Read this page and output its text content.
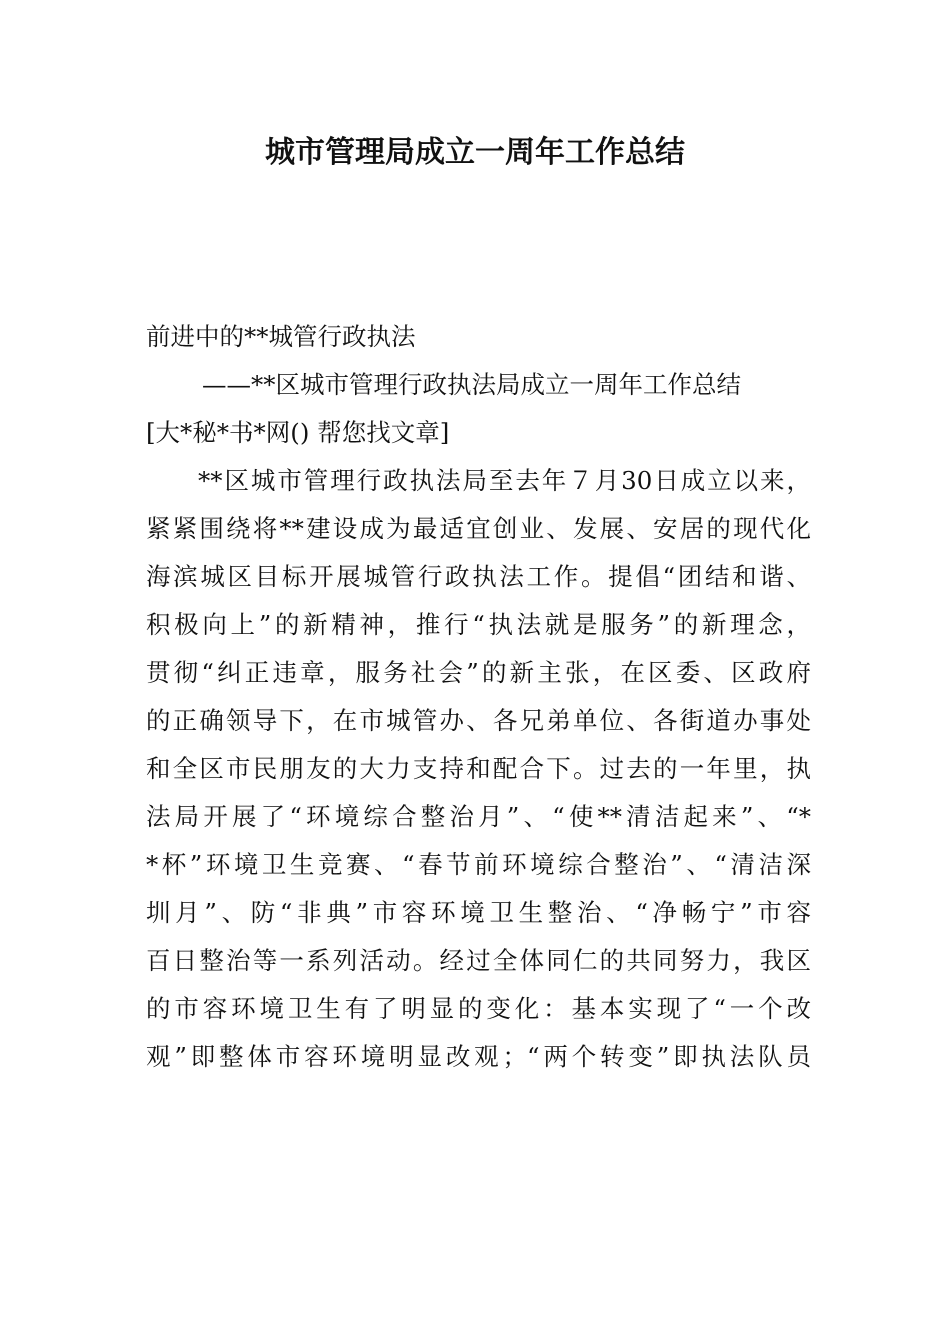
城市管理局成立一周年工作总结
前进中的**城管行政执法
——**区城市管理行政执法局成立一周年工作总结
[大*秘*书*网() 帮您找文章]
**区城市管理行政执法局至去年７月30日成立以来，
紧紧围绕将**建设成为最适宜创业、发展、安居的现代化
海滨城区目标开展城管行政执法工作。提倡“团结和谐、
积极向上”的新精神，推行“执法就是服务”的新理念，
贯彻“纠正违章，服务社会”的新主张，在区委、区政府
的正确领导下，在市城管办、各兄弟单位、各街道办事处
和全区市民朋友的大力支持和配合下。过去的一年里，执
法局开展了“环境综合整治月”、“使**清洁起来”、“*
*杯”环境卫生竞赛、“春节前环境综合整治”、“清洁深
圳月”、防“非典”市容环境卫生整治、“净畅宁”市容
百日整治等一系列活动。经过全体同仁的共同努力，我区
的市容环境卫生有了明显的变化：基本实现了“一个改
观”即整体市容环境明显改观；“两个转变”即执法队员
